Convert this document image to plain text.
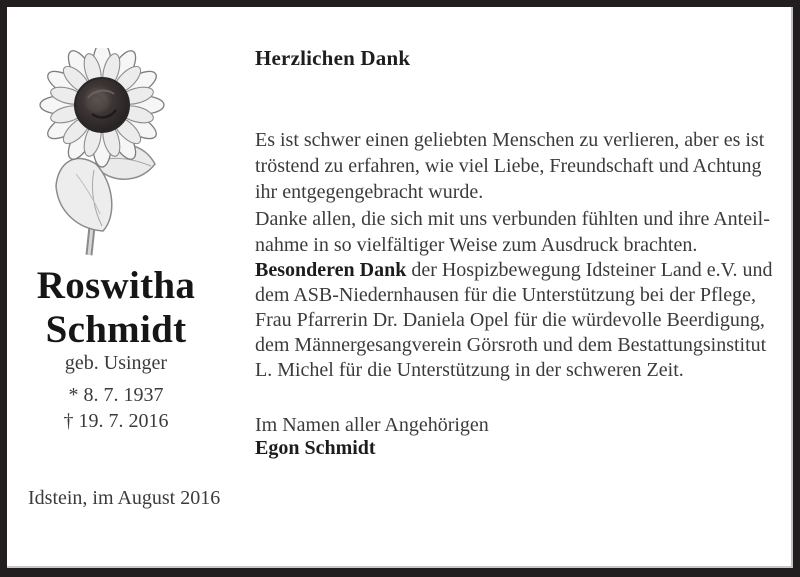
Herzlichen Dank
Es ist schwer einen geliebten Menschen zu verlieren, aber es ist
tröstend zu erfahren, wie viel Liebe, Freundschaft und Achtung
ihr entgegengebracht wurde.
Danke allen, die sich mit uns verbunden fühlten und ihre Anteil-
nahme in so vielfältiger Weise zum Ausdruck brachten.
Besonderen Dank der Hospizbewegung Idsteiner Land e.V. und
dem ASB-Niedernhausen für die Unterstützung bei der Pflege,
Frau Pfarrerin Dr. Daniela Opel für die würdevolle Beerdigung,
dem Männergesangverein Görsroth und dem Bestattungsinstitut
L. Michel für die Unterstützung in der schweren Zeit.
Im Namen aller Angehörigen
Egon Schmidt
Roswitha
Schmidt
geb. Usinger
* 8. 7. 1937
† 19. 7. 2016
Idstein, im August 2016
